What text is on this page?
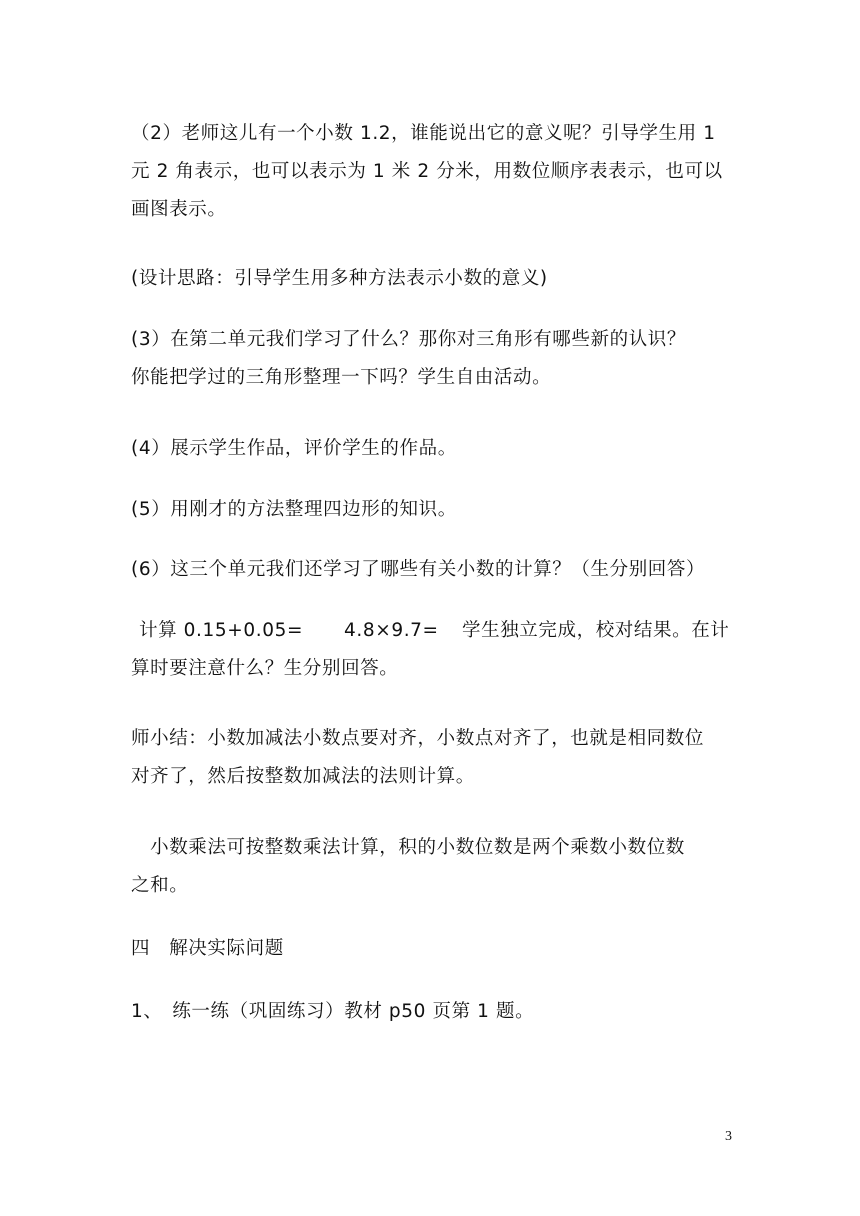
（2）老师这儿有一个小数 1.2，谁能说出它的意义呢？引导学生用 1
元 2 角表示，也可以表示为 1 米 2 分米，用数位顺序表表示，也可以
画图表示。

(设计思路：引导学生用多种方法表示小数的意义)

(3）在第二单元我们学习了什么？那你对三角形有哪些新的认识？
你能把学过的三角形整理一下吗？学生自由活动。

(4）展示学生作品，评价学生的作品。

(5）用刚才的方法整理四边形的知识。

(6）这三个单元我们还学习了哪些有关小数的计算？（生分别回答）

计算 0.15+0.05= 4.8×9.7= 学生独立完成，校对结果。在计
算时要注意什么？生分别回答。

师小结：小数加减法小数点要对齐，小数点对齐了，也就是相同数位
对齐了，然后按整数加减法的法则计算。

　小数乘法可按整数乘法计算，积的小数位数是两个乘数小数位数
之和。

四　解决实际问题

1、　练一练（巩固练习）教材 p50 页第 1 题。

3
